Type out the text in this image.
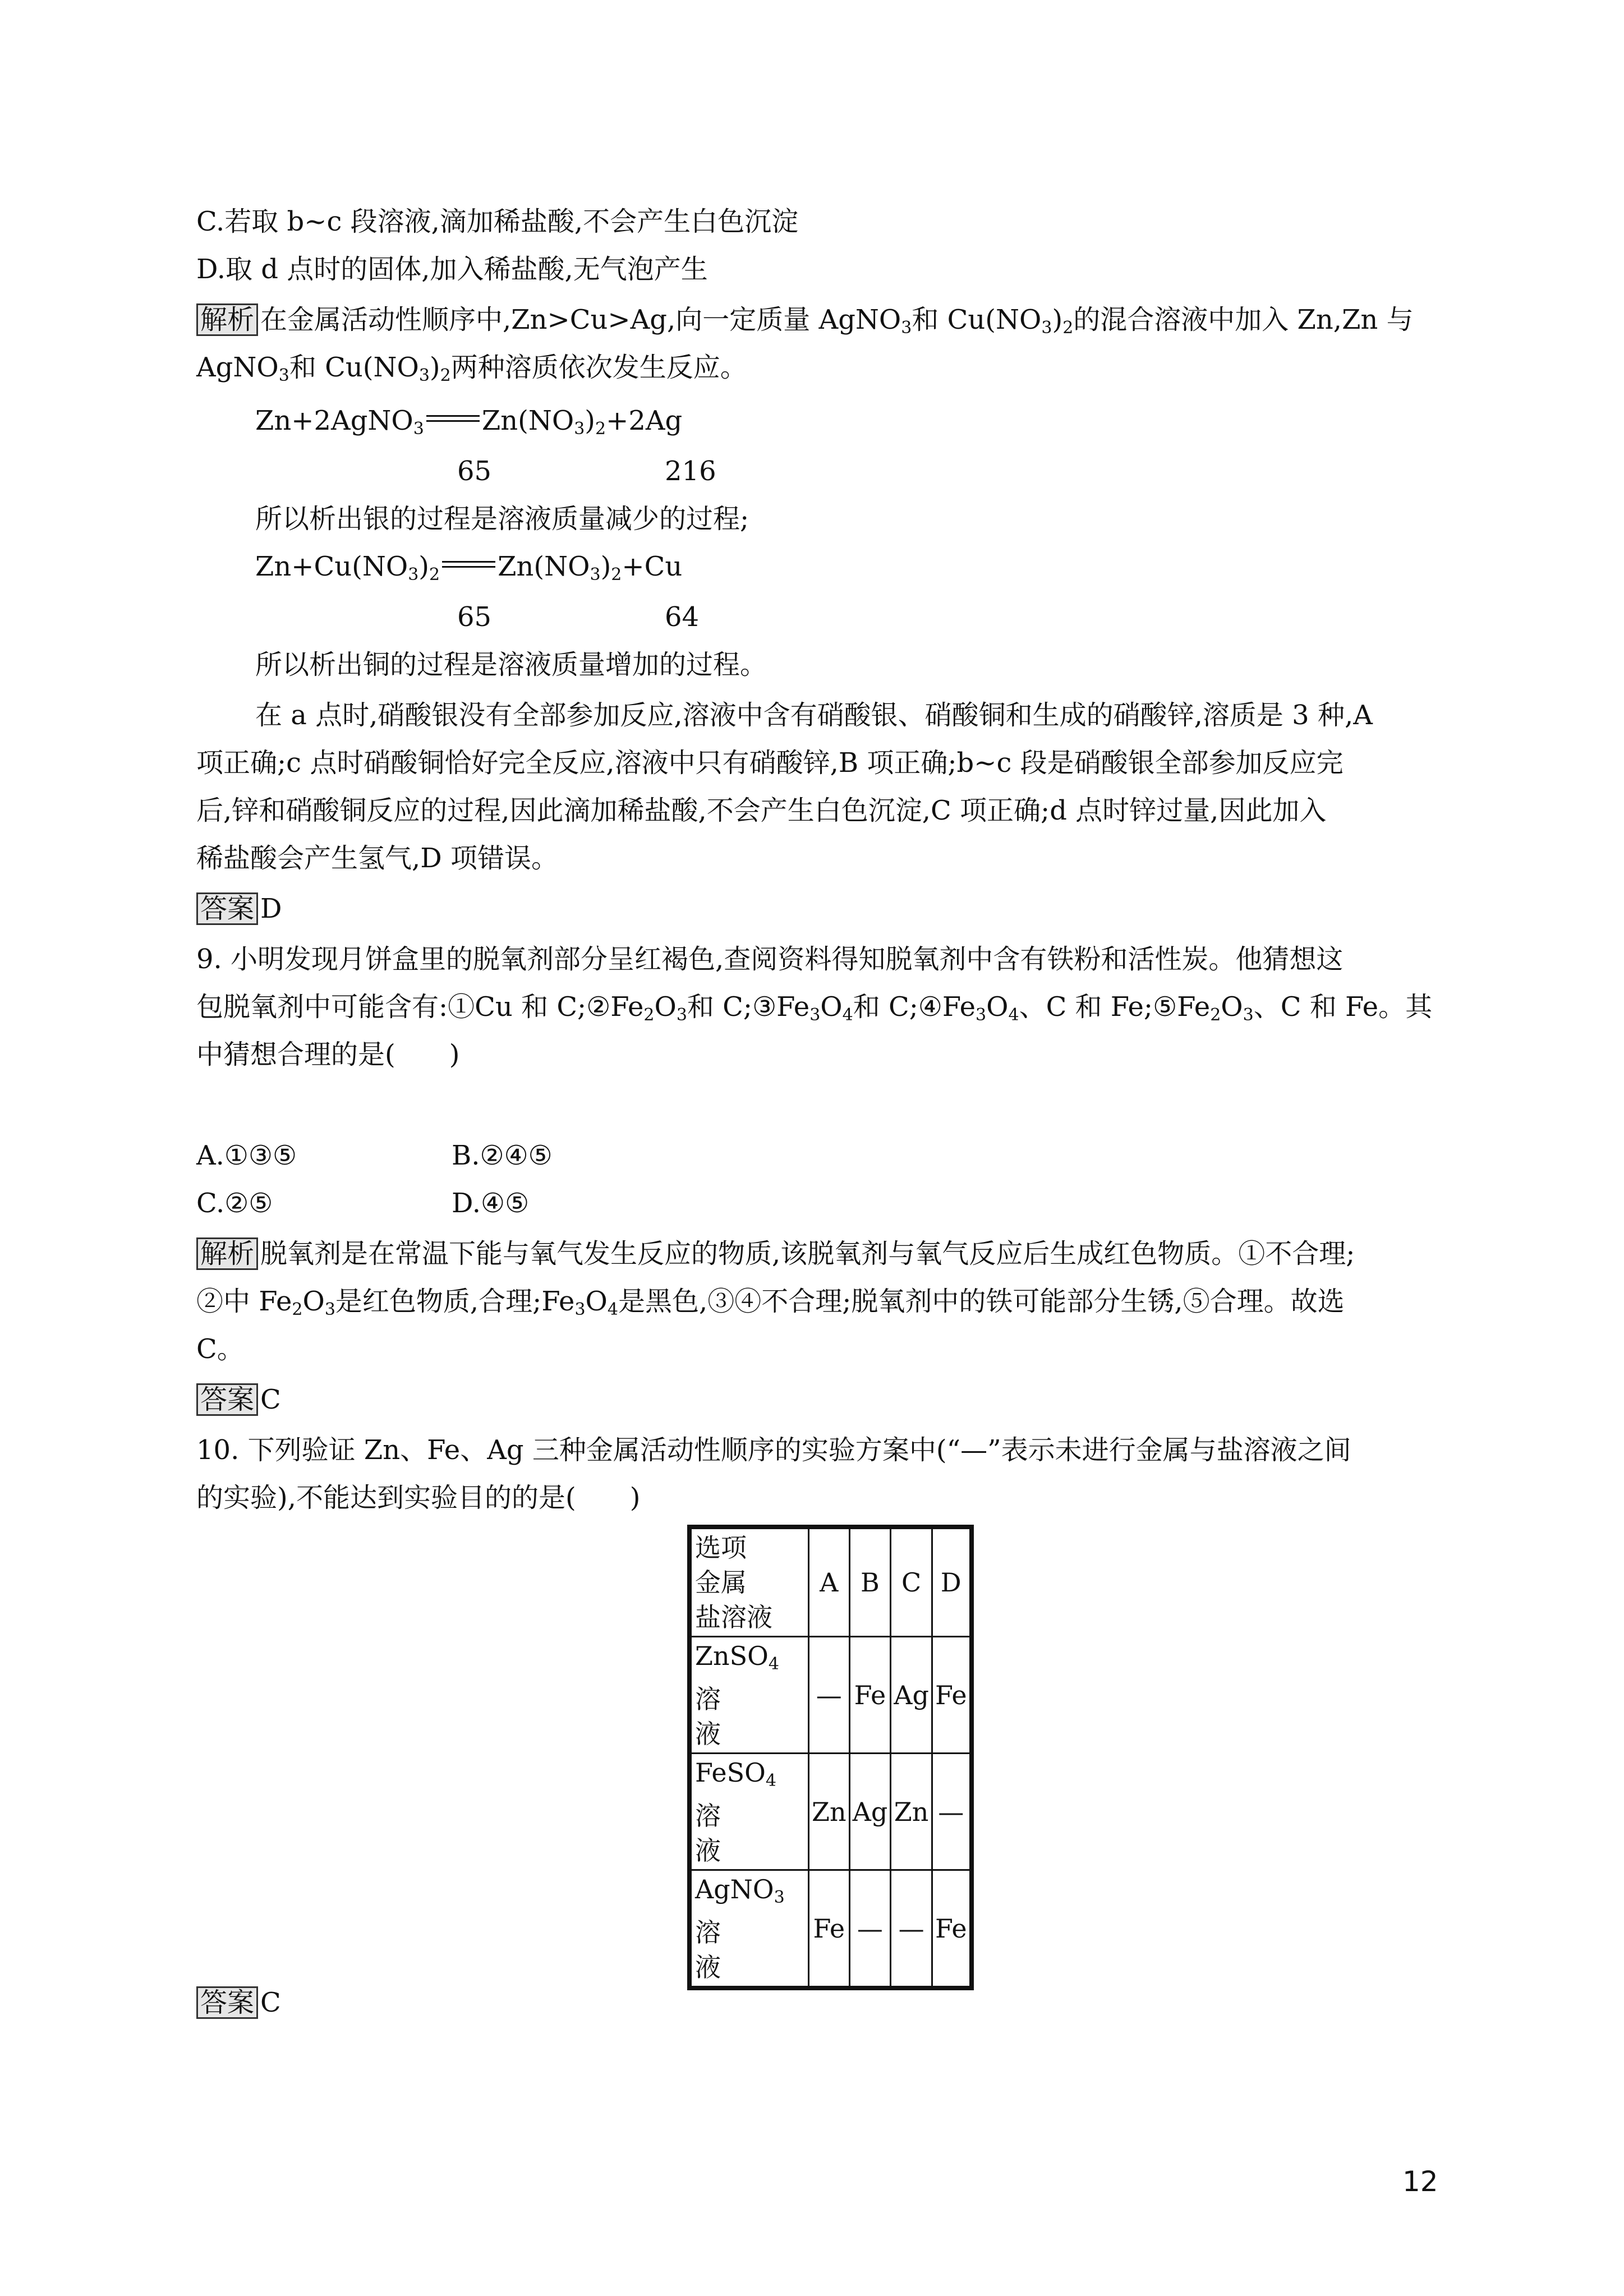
C.若取 b~c 段溶液,滴加稀盐酸,不会产生白色沉淀
D.取 d 点时的固体,加入稀盐酸,无气泡产生
解析 在金属活动性顺序中,Zn>Cu>Ag,向一定质量 AgNO$_3$和 $Cu(NO_3)_2$的混合溶液中加入 Zn,Zn 与
AgNO$_3$和 $Cu(NO_3)_2$两种溶质依次发生反应。
Zn+2AgNO$_3$ $Zn(NO_3)_2+2Ag$
65	216
所以析出银的过程是溶液质量减少的过程;
$Zn+Cu(NO_3)_2$ $Zn(NO_3)_2+Cu$
65	64
所以析出铜的过程是溶液质量增加的过程。
在 a 点时,硝酸银没有全部参加反应,溶液中含有硝酸银、硝酸铜和生成的硝酸锌,溶质是 3 种,A
项正确;c 点时硝酸铜恰好完全反应,溶液中只有硝酸锌,B 项正确;b~c 段是硝酸银全部参加反应完
后,锌和硝酸铜反应的过程,因此滴加稀盐酸,不会产生白色沉淀,C 项正确;d 点时锌过量,因此加入
稀盐酸会产生氢气,D 项错误。
答案 D
9. 小明发现月饼盒里的脱氧剂部分呈红褐色,查阅资料得知脱氧剂中含有铁粉和活性炭。他猜想这
包脱氧剂中可能含有:①Cu 和 $C;②Fe_2O_3$和 $C;③Fe_3O_4$和 $C;④Fe_3O_4$、C 和 $Fe;⑤Fe_2O_3$、C 和 Fe。其
中猜想合理的是(　　)
A.①③⑤	B.②④⑤
C.②⑤	D.④⑤
解析 脱氧剂是在常温下能与氧气发生反应的物质,该脱氧剂与氧气反应后生成红色物质。①不合理;
②中 $Fe_2O_3$是红色物质,合理$;Fe_3O_4$是黑色,③④不合理;脱氧剂中的铁可能部分生锈,⑤合理。故选
C。
答案 C
10. 下列验证 Zn、Fe、Ag 三种金属活动性顺序的实验方案中(“—”表示未进行金属与盐溶液之间
的实验),不能达到实验目的的是(　　)
选项
金属
盐溶液	A	B	C	D

ZnSO$_4$ 溶
液	—	Fe	Ag	Fe

FeSO$_4$ 溶
液	Zn	Ag	Zn	—

AgNO$_3$ 溶
液	Fe	—	—	Fe
答案 C
12
